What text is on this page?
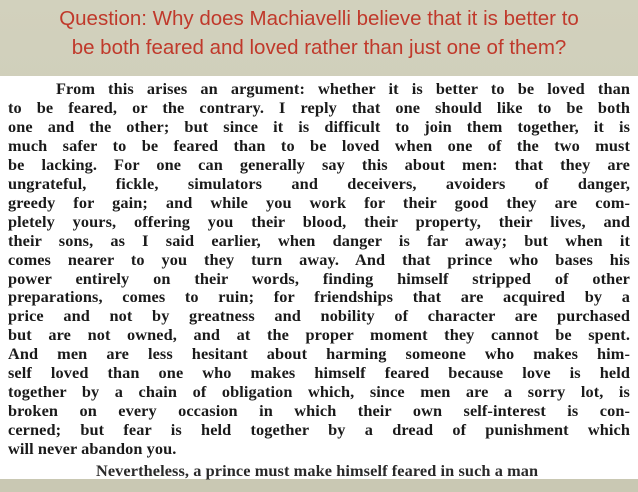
Question: Why does Machiavelli believe that it is better to
be both feared and loved rather than just one of them?

From this arises an argument: whether it is better to be loved than
to be feared, or the contrary. I reply that one should like to be both
one and the other; but since it is difficult to join them together, it is
much safer to be feared than to be loved when one of the two must
be lacking. For one can generally say this about men: that they are
ungrateful, fickle, simulators and deceivers, avoiders of danger,
greedy for gain; and while you work for their good they are com-
pletely yours, offering you their blood, their property, their lives, and
their sons, as I said earlier, when danger is far away; but when it
comes nearer to you they turn away. And that prince who bases his
power entirely on their words, finding himself stripped of other
preparations, comes to ruin; for friendships that are acquired by a
price and not by greatness and nobility of character are purchased
but are not owned, and at the proper moment they cannot be spent.
And men are less hesitant about harming someone who makes him-
self loved than one who makes himself feared because love is held
together by a chain of obligation which, since men are a sorry lot, is
broken on every occasion in which their own self-interest is con-
cerned; but fear is held together by a dread of punishment which
will never abandon you.
Nevertheless, a prince must make himself feared in such a man
